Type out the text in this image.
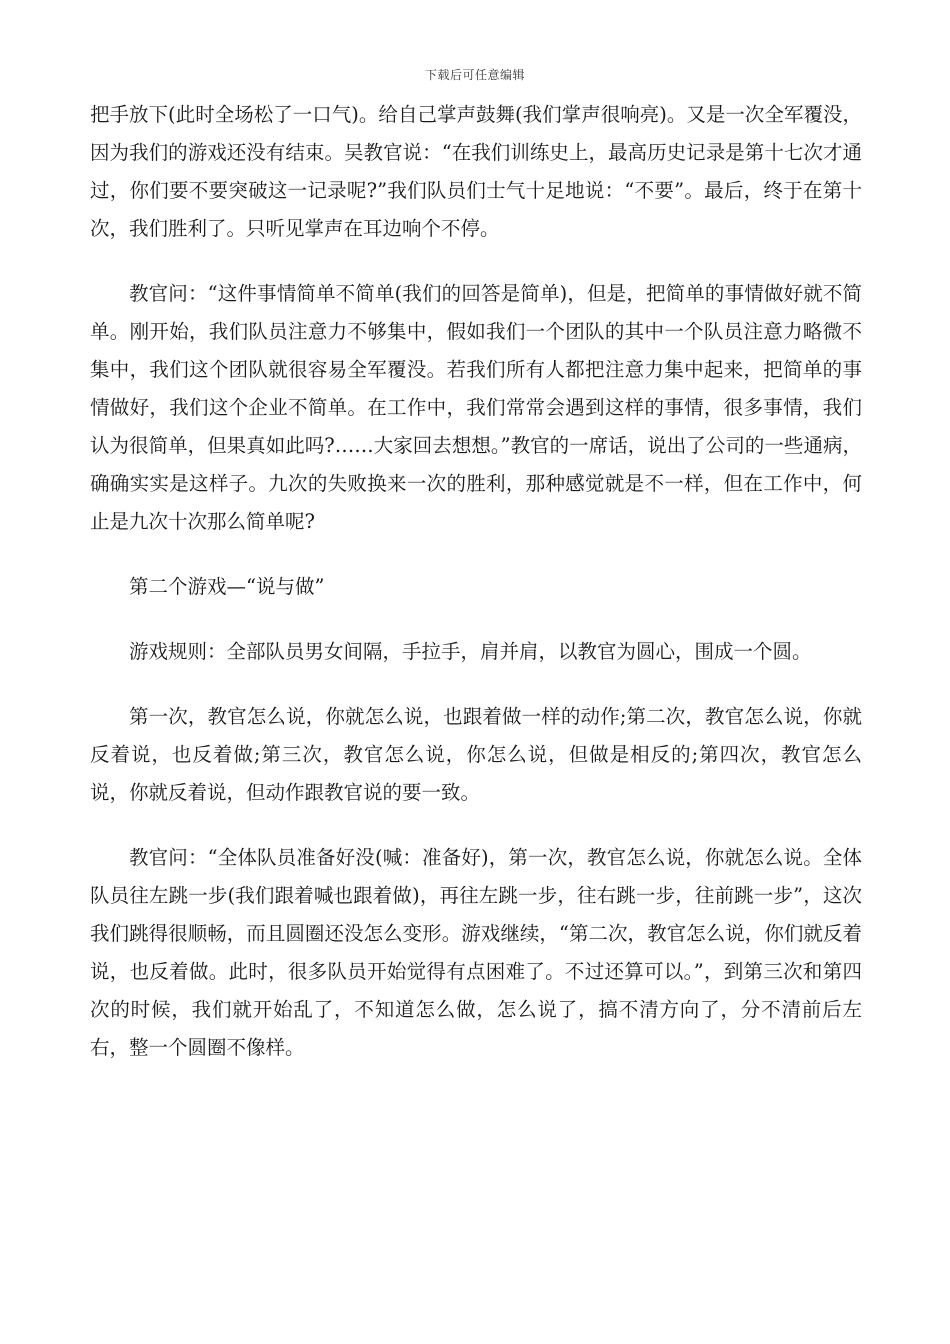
下载后可任意编辑

把手放下(此时全场松了一口气)。给自己掌声鼓舞(我们掌声很响亮)。又是一次全军覆没，因为我们的游戏还没有结束。吴教官说：“在我们训练史上，最高历史记录是第十七次才通过，你们要不要突破这一记录呢?”我们队员们士气十足地说：“不要”。最后，终于在第十次，我们胜利了。只听见掌声在耳边响个不停。

教官问：“这件事情简单不简单(我们的回答是简单)，但是，把简单的事情做好就不简单。刚开始，我们队员注意力不够集中，假如我们一个团队的其中一个队员注意力略微不集中，我们这个团队就很容易全军覆没。若我们所有人都把注意力集中起来，把简单的事情做好，我们这个企业不简单。在工作中，我们常常会遇到这样的事情，很多事情，我们认为很简单，但果真如此吗?……大家回去想想。”教官的一席话，说出了公司的一些通病，确确实实是这样子。九次的失败换来一次的胜利，那种感觉就是不一样，但在工作中，何止是九次十次那么简单呢?

第二个游戏—“说与做”

游戏规则：全部队员男女间隔，手拉手，肩并肩，以教官为圆心，围成一个圆。

第一次，教官怎么说，你就怎么说，也跟着做一样的动作;第二次，教官怎么说，你就反着说，也反着做;第三次，教官怎么说，你怎么说，但做是相反的;第四次，教官怎么说，你就反着说，但动作跟教官说的要一致。

教官问：“全体队员准备好没(喊：准备好)，第一次，教官怎么说，你就怎么说。全体队员往左跳一步(我们跟着喊也跟着做)，再往左跳一步，往右跳一步，往前跳一步”，这次我们跳得很顺畅，而且圆圈还没怎么变形。游戏继续，“第二次，教官怎么说，你们就反着说，也反着做。此时，很多队员开始觉得有点困难了。不过还算可以。”，到第三次和第四次的时候，我们就开始乱了，不知道怎么做，怎么说了，搞不清方向了，分不清前后左右，整一个圆圈不像样。
